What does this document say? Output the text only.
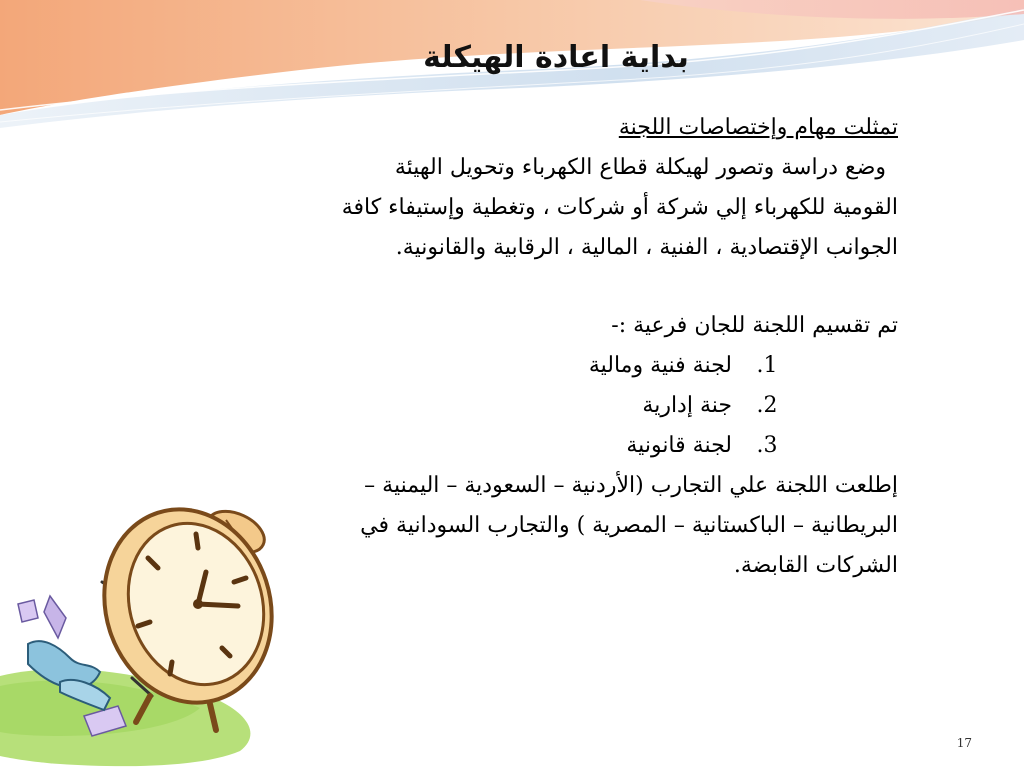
بداية اعادة الهيكلة

تمثلت مهام وإختصاصات اللجنة

وضع دراسة وتصور لهيكلة قطاع الكهرباء وتحويل الهيئة

القومية للكهرباء إلي شركة أو شركات ، وتغطية وإستيفاء كافة

الجوانب الإقتصادية ، الفنية ، المالية ، الرقابية والقانونية.

تم تقسيم اللجنة للجان فرعية :-

1.
لجنة فنية ومالية
2.
جنة إدارية
3.
لجنة قانونية

إطلعت اللجنة علي التجارب (الأردنية – السعودية – اليمنية –

البريطانية – الباكستانية – المصرية ) والتجارب السودانية في

الشركات القابضة.

17
